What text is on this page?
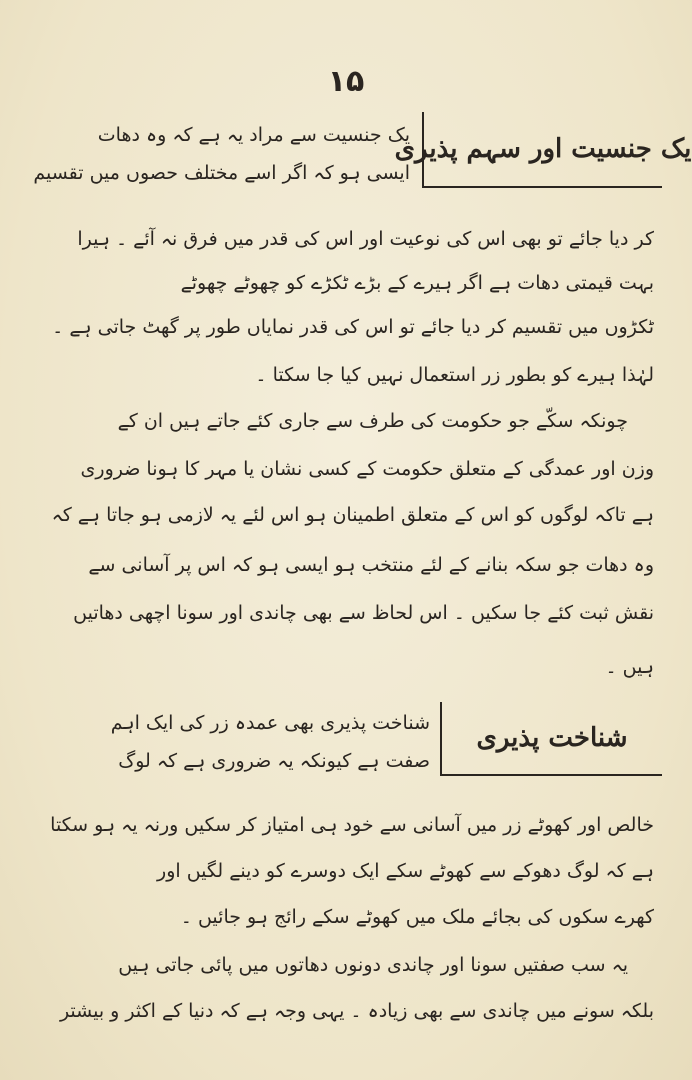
۱۵
یک جنسیت اور سہم پذیری
یک جنسیت سے مراد یہ ہے کہ وہ دھات
ایسی ہو کہ اگر اسے مختلف حصوں میں تقسیم
کر دیا جائے تو بھی اس کی نوعیت اور اس کی قدر میں فرق نہ آئے ۔ ہیرا
بہت قیمتی دھات ہے اگر ہیرے کے بڑے ٹکڑے کو چھوٹے چھوٹے
ٹکڑوں میں تقسیم کر دیا جائے تو اس کی قدر نمایاں طور پر گھٹ جاتی ہے ۔
لہٰذا ہیرے کو بطور زر استعمال نہیں کیا جا سکتا ۔
چونکہ سکّے جو حکومت کی طرف سے جاری کئے جاتے ہیں ان کے
وزن اور عمدگی کے متعلق حکومت کے کسی نشان یا مہر کا ہونا ضروری
ہے تاکہ لوگوں کو اس کے متعلق اطمینان ہو اس لئے یہ لازمی ہو جاتا ہے کہ
وہ دھات جو سکہ بنانے کے لئے منتخب ہو ایسی ہو کہ اس پر آسانی سے
نقش ثبت کئے جا سکیں ۔ اس لحاظ سے بھی چاندی اور سونا اچھی دھاتیں
ہیں ۔
شناخت پذیری
شناخت پذیری بھی عمدہ زر کی ایک اہم
صفت ہے کیونکہ یہ ضروری ہے کہ لوگ
خالص اور کھوٹے زر میں آسانی سے خود ہی امتیاز کر سکیں ورنہ یہ ہو سکتا
ہے کہ لوگ دھوکے سے کھوٹے سکے ایک دوسرے کو دینے لگیں اور
کھرے سکوں کی بجائے ملک میں کھوٹے سکے رائج ہو جائیں ۔
یہ سب صفتیں سونا اور چاندی دونوں دھاتوں میں پائی جاتی ہیں
بلکہ سونے میں چاندی سے بھی زیادہ ۔ یہی وجہ ہے کہ دنیا کے اکثر و بیشتر
